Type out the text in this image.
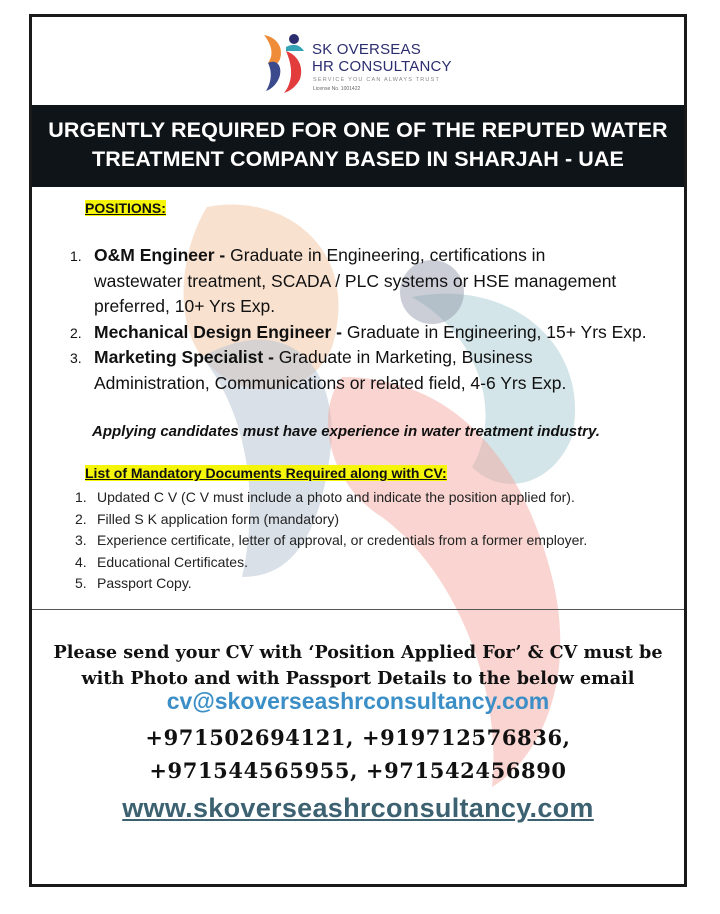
SK OVERSEAS
HR CONSULTANCY
SERVICE YOU CAN ALWAYS TRUST
License No. 1001422
URGENTLY REQUIRED FOR ONE OF THE REPUTED WATER
TREATMENT COMPANY BASED IN SHARJAH - UAE
POSITIONS:
1. O&M Engineer - Graduate in Engineering, certifications in
wastewater treatment, SCADA / PLC systems or HSE management
preferred, 10+ Yrs Exp.
2. Mechanical Design Engineer - Graduate in Engineering, 15+ Yrs Exp.
3. Marketing Specialist - Graduate in Marketing, Business
Administration, Communications or related field, 4-6 Yrs Exp.
Applying candidates must have experience in water treatment industry.
List of Mandatory Documents Required along with CV:
1. Updated C V (C V must include a photo and indicate the position applied for).
2. Filled S K application form (mandatory)
3. Experience certificate, letter of approval, or credentials from a former employer.
4. Educational Certificates.
5. Passport Copy.
Please send your CV with ‘Position Applied For’ & CV must be
with Photo and with Passport Details to the below email
cv@skoverseashrconsultancy.com
+971502694121, +919712576836,
+971544565955, +971542456890
www.skoverseashrconsultancy.com
